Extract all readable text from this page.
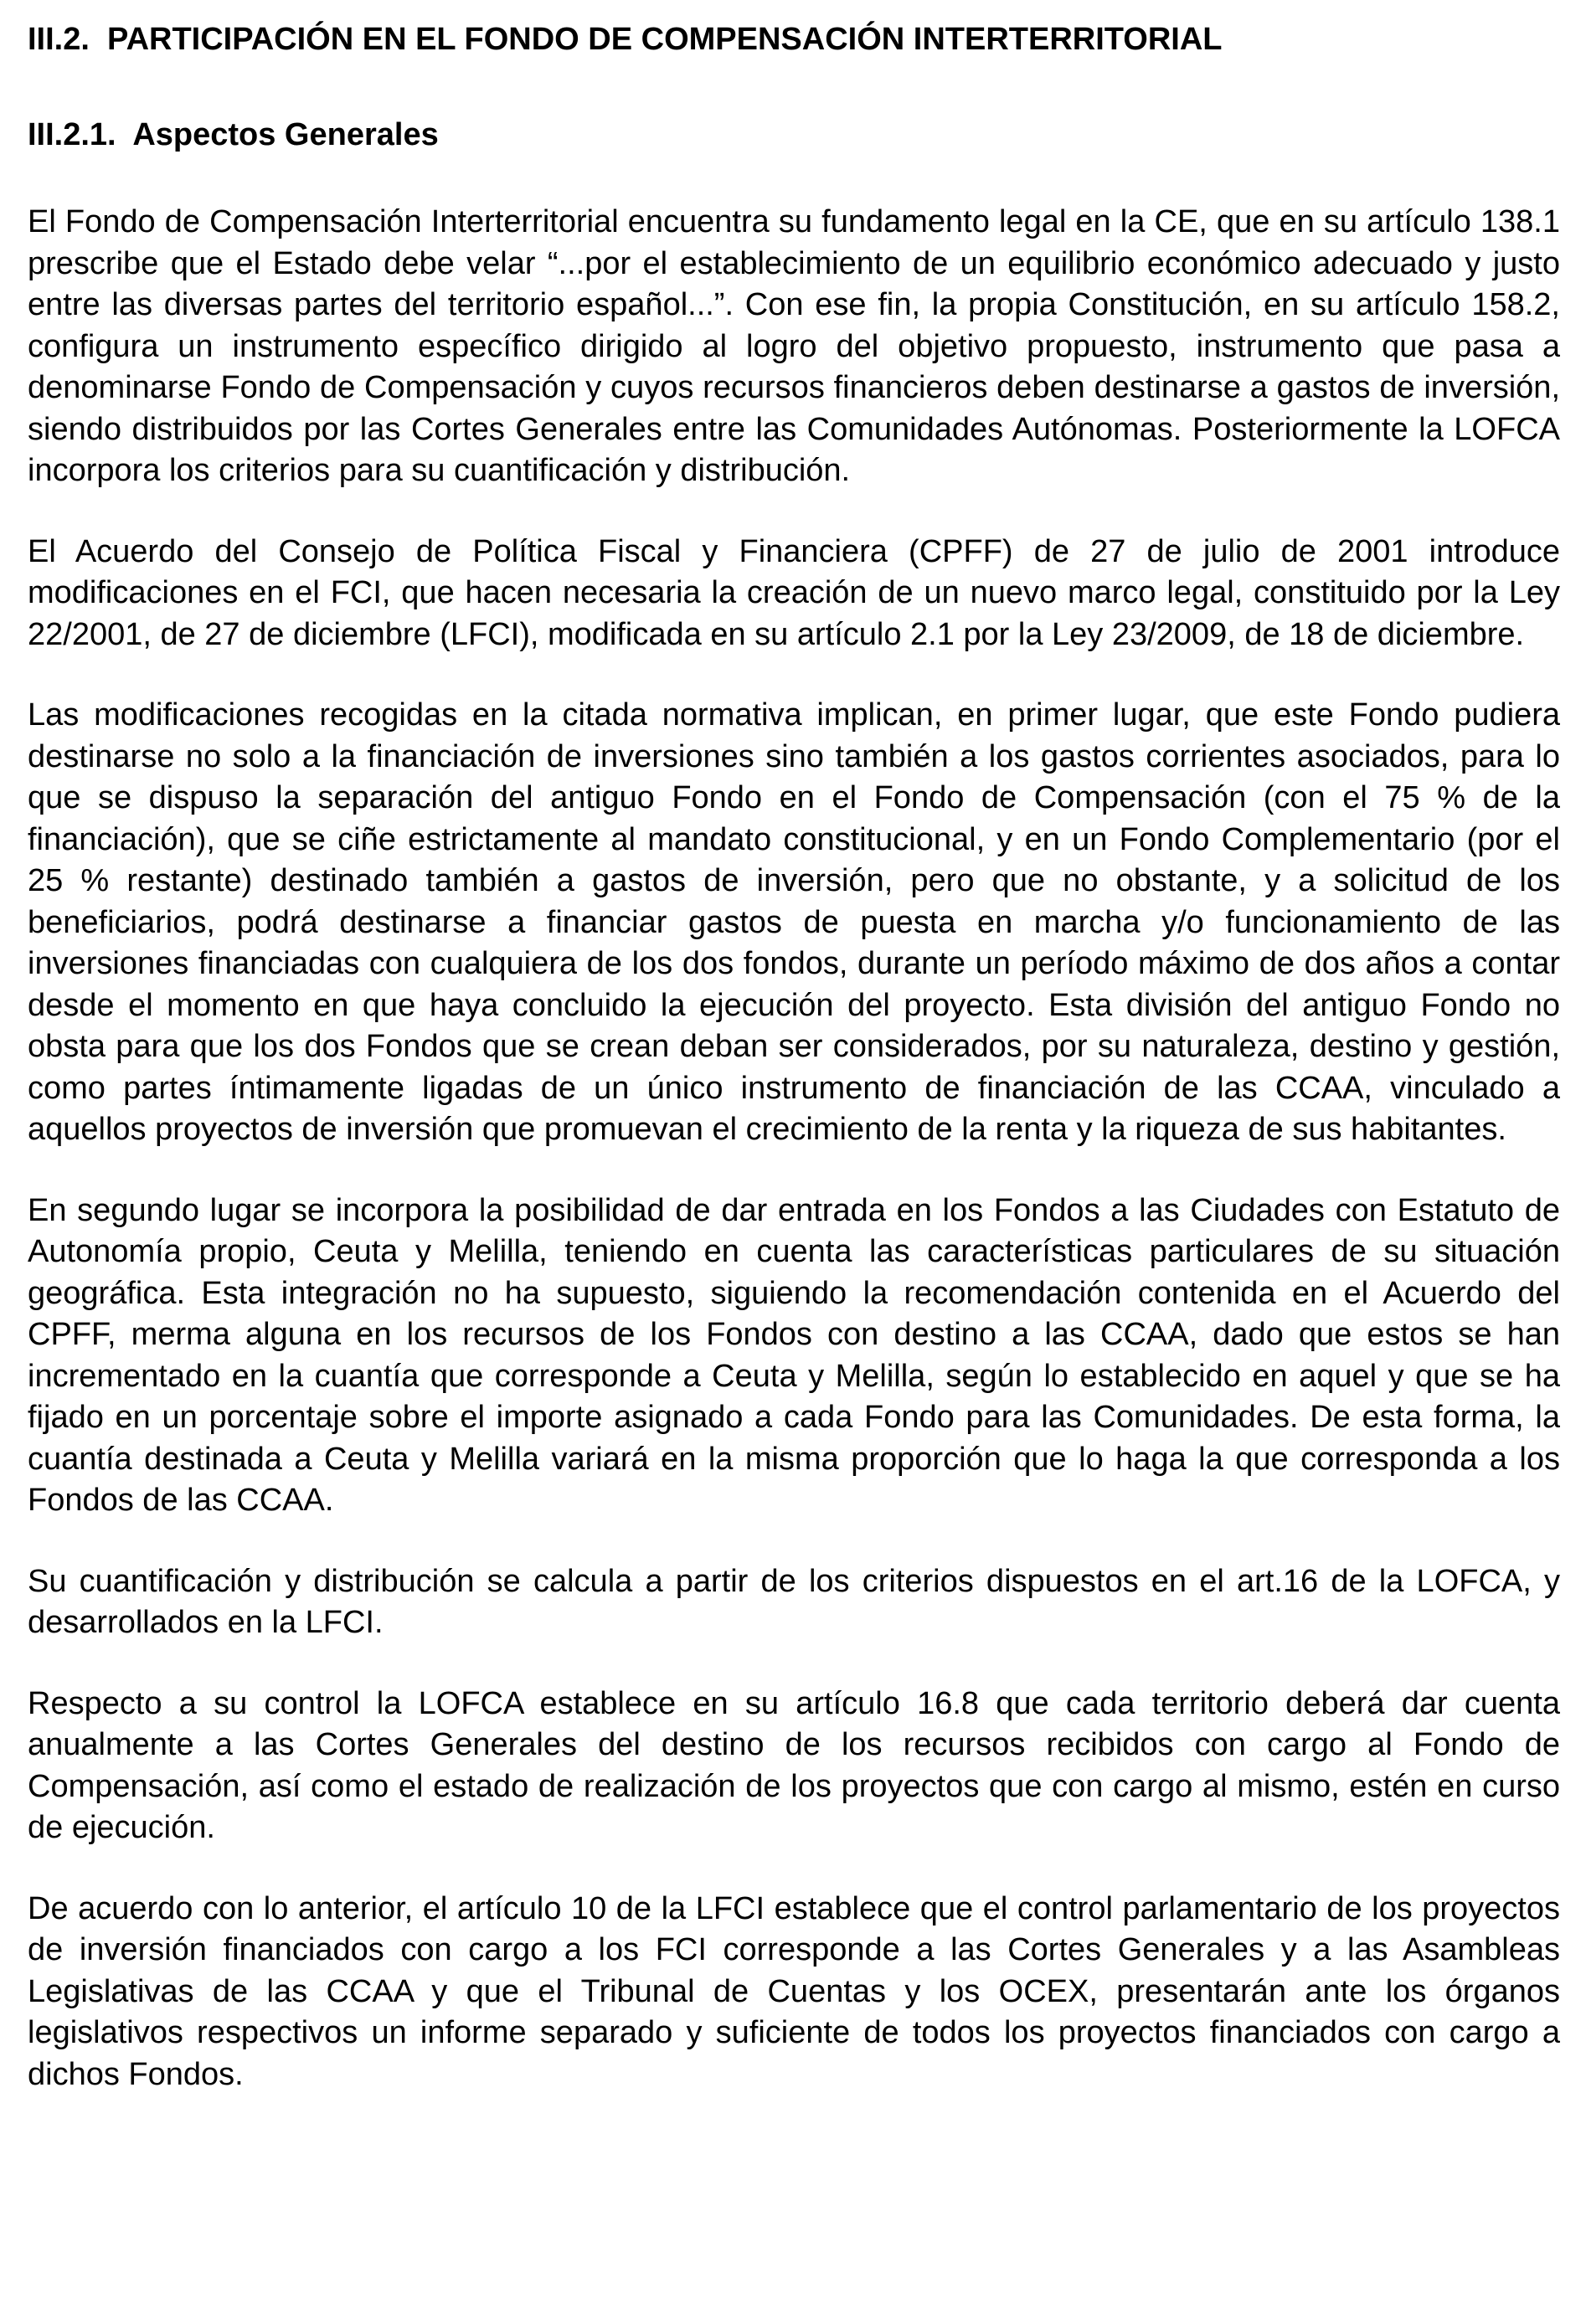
III.2.  PARTICIPACIÓN EN EL FONDO DE COMPENSACIÓN INTERTERRITORIAL
III.2.1.  Aspectos Generales

El Fondo de Compensación Interterritorial encuentra su fundamento legal en la CE, que en su artículo 138.1 prescribe que el Estado debe velar “...por el establecimiento de un equilibrio económico adecuado y justo entre las diversas partes del territorio español...”. Con ese fin, la propia Constitución, en su artículo 158.2, configura un instrumento específico dirigido al logro del objetivo propuesto, instrumento que pasa a denominarse Fondo de Compensación y cuyos recursos financieros deben destinarse a gastos de inversión, siendo distribuidos por las Cortes Generales entre las Comunidades Autónomas. Posteriormente la LOFCA incorpora los criterios para su cuantificación y distribución.

El Acuerdo del Consejo de Política Fiscal y Financiera (CPFF) de 27 de julio de 2001 introduce modificaciones en el FCI, que hacen necesaria la creación de un nuevo marco legal, constituido por la Ley 22/2001, de 27 de diciembre (LFCI), modificada en su artículo 2.1 por la Ley 23/2009, de 18 de diciembre.

Las modificaciones recogidas en la citada normativa implican, en primer lugar, que este Fondo pudiera destinarse no solo a la financiación de inversiones sino también a los gastos corrientes asociados, para lo que se dispuso la separación del antiguo Fondo en el Fondo de Compensación (con el 75 % de la financiación), que se ciñe estrictamente al mandato constitucional, y en un Fondo Complementario (por el 25 % restante) destinado también a gastos de inversión, pero que no obstante, y a solicitud de los beneficiarios, podrá destinarse a financiar gastos de puesta en marcha y/o funcionamiento de las inversiones financiadas con cualquiera de los dos fondos, durante un período máximo de dos años a contar desde el momento en que haya concluido la ejecución del proyecto. Esta división del antiguo Fondo no obsta para que los dos Fondos que se crean deban ser considerados, por su naturaleza, destino y gestión, como partes íntimamente ligadas de un único instrumento de financiación de las CCAA, vinculado a aquellos proyectos de inversión que promuevan el crecimiento de la renta y la riqueza de sus habitantes.

En segundo lugar se incorpora la posibilidad de dar entrada en los Fondos a las Ciudades con Estatuto de Autonomía propio, Ceuta y Melilla, teniendo en cuenta las características particulares de su situación geográfica. Esta integración no ha supuesto, siguiendo la recomendación contenida en el Acuerdo del CPFF, merma alguna en los recursos de los Fondos con destino a las CCAA, dado que estos se han incrementado en la cuantía que corresponde a Ceuta y Melilla, según lo establecido en aquel y que se ha fijado en un porcentaje sobre el importe asignado a cada Fondo para las Comunidades. De esta forma, la cuantía destinada a Ceuta y Melilla variará en la misma proporción que lo haga la que corresponda a los Fondos de las CCAA.

Su cuantificación y distribución se calcula a partir de los criterios dispuestos en el art.16 de la LOFCA, y desarrollados en la LFCI.

Respecto a su control la LOFCA establece en su artículo 16.8 que cada territorio deberá dar cuenta anualmente a las Cortes Generales del destino de los recursos recibidos con cargo al Fondo de Compensación, así como el estado de realización de los proyectos que con cargo al mismo, estén en curso de ejecución.

De acuerdo con lo anterior, el artículo 10 de la LFCI establece que el control parlamentario de los proyectos de inversión financiados con cargo a los FCI corresponde a las Cortes Generales y a las Asambleas Legislativas de las CCAA y que el Tribunal de Cuentas y los OCEX, presentarán ante los órganos legislativos respectivos un informe separado y suficiente de todos los proyectos financiados con cargo a dichos Fondos.
